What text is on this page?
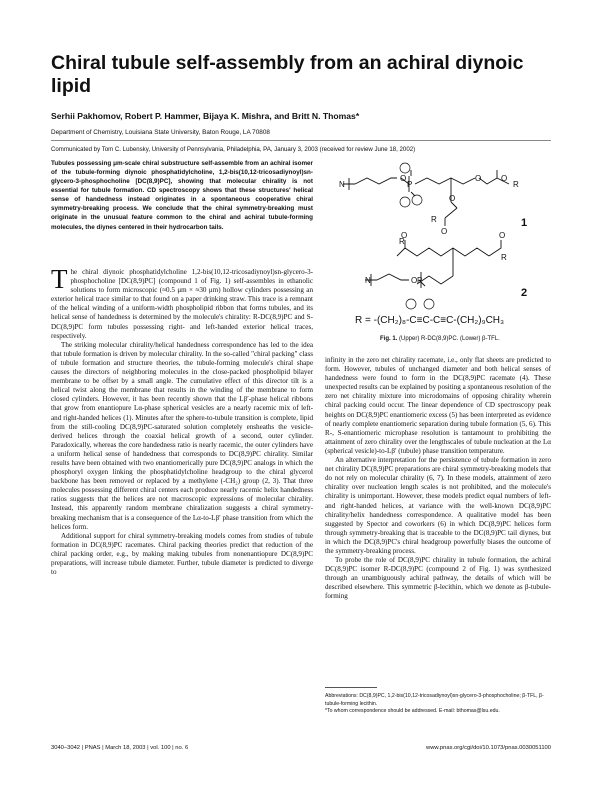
Chiral tubule self-assembly from an achiral diynoic lipid
Serhii Pakhomov, Robert P. Hammer, Bijaya K. Mishra, and Britt N. Thomas*
Department of Chemistry, Louisiana State University, Baton Rouge, LA 70808
Communicated by Tom C. Lubensky, University of Pennsylvania, Philadelphia, PA, January 3, 2003 (received for review June 18, 2002)
Tubules possessing μm-scale chiral substructure self-assemble from an achiral isomer of the tubule-forming diynoic phosphatidylcholine, 1,2-bis(10,12-tricosadiynoyl)sn-glycero-3-phosphocholine [DC(8,9)PC], showing that molecular chirality is not essential for tubule formation. CD spectroscopy shows that these structures' helical sense of handedness instead originates in a spontaneous cooperative chiral symmetry-breaking process. We conclude that the chiral symmetry-breaking must originate in the unusual feature common to the chiral and achiral tubule-forming molecules, the diynes centered in their hydrocarbon tails.
N
O
P
O O
R
O
O
R
O	O
R
R
N	O P
1
2
R = -(CH₂)₈-C≡C-C≡C-(CH₂)₉CH₃
Fig. 1. (Upper) R-DC(8,9)PC. (Lower) β-TFL.

The chiral diynoic phosphatidylcholine 1,2-bis(10,12-tricosadiynoyl)sn-glycero-3-phosphocholine [DC(8,9)PC] (compound 1 of Fig. 1) self-assembles in ethanolic solutions to form microscopic (≈0.5 μm × ≈30 μm) hollow cylinders possessing an exterior helical trace similar to that found on a paper drinking straw. This trace is a remnant of the helical winding of a uniform-width phospholipid ribbon that forms tubules, and its helical sense of handedness is determined by the molecule's chirality: R-DC(8,9)PC and S-DC(8,9)PC form tubules possessing right- and left-handed exterior helical traces, respectively.

The striking molecular chirality/helical handedness correspondence has led to the idea that tubule formation is driven by molecular chirality. In the so-called "chiral packing" class of tubule formation and structure theories, the tubule-forming molecule's chiral shape causes the directors of neighboring molecules in the close-packed phospholipid bilayer membrane to be offset by a small angle. The cumulative effect of this director tilt is a helical twist along the membrane that results in the winding of the membrane to form closed cylinders. However, it has been recently shown that the Lβ′-phase helical ribbons that grow from enantiopure Lα-phase spherical vesicles are a nearly racemic mix of left- and right-handed helices (1). Minutes after the sphere-to-tubule transition is complete, lipid from the still-cooling DC(8,9)PC-saturated solution completely ensheaths the vesicle-derived helices through the coaxial helical growth of a second, outer cylinder. Paradoxically, whereas the core handedness ratio is nearly racemic, the outer cylinders have a uniform helical sense of handedness that corresponds to DC(8,9)PC chirality. Similar results have been obtained with two enantiomerically pure DC(8,9)PC analogs in which the phosphoryl oxygen linking the phosphatidylcholine headgroup to the chiral glycerol backbone has been removed or replaced by a methylene (-CH₂) group (2, 3). That three molecules possessing different chiral centers each produce nearly racemic helix handedness ratios suggests that the helices are not macroscopic expressions of molecular chirality. Instead, this apparently random membrane chiralization suggests a chiral symmetry-breaking mechanism that is a consequence of the Lα-to-Lβ′ phase transition from which the helices form.

Additional support for chiral symmetry-breaking models comes from studies of tubule formation in DC(8,9)PC racemates. Chiral packing theories predict that reduction of the chiral packing order, e.g., by making making tubules from nonenantiopure DC(8,9)PC preparations, will increase tubule diameter. Further, tubule diameter is predicted to diverge to

infinity in the zero net chirality racemate, i.e., only flat sheets are predicted to form. However, tubules of unchanged diameter and both helical senses of handedness were found to form in the DC(8,9)PC racemate (4). These unexpected results can be explained by positing a spontaneous resolution of the zero net chirality mixture into microdomains of opposing chirality wherein chiral packing could occur. The linear dependence of CD spectroscopy peak heights on DC(8,9)PC enantiomeric excess (5) has been interpreted as evidence of nearly complete enantiomeric separation during tubule formation (5, 6). This R-, S-enantiomeric microphase resolution is tantamount to prohibiting the attainment of zero chirality over the lengthscales of tubule nucleation at the Lα (spherical vesicle)-to-Lβ′ (tubule) phase transition temperature.

An alternative interpretation for the persistence of tubule formation in zero net chirality DC(8,9)PC preparations are chiral symmetry-breaking models that do not rely on molecular chirality (6, 7). In these models, attainment of zero chirality over nucleation length scales is not prohibited, and the molecule's chirality is unimportant. However, these models predict equal numbers of left- and right-handed helices, at variance with the well-known DC(8,9)PC chirality/helix handedness correspondence. A qualitative model has been suggested by Spector and coworkers (6) in which DC(8,9)PC helices form through symmetry-breaking that is traceable to the DC(8,9)PC tail diynes, but in which the DC(8,9)PC's chiral headgroup powerfully biases the outcome of the symmetry-breaking process.

To probe the role of DC(8,9)PC chirality in tubule formation, the achiral DC(8,9)PC isomer R-DC(8,9)PC (compound 2 of Fig. 1) was synthesized through an unambiguously achiral pathway, the details of which will be described elsewhere. This symmetric β-lecithin, which we denote as β-tubule-forming

Abbreviations: DC(8,9)PC, 1,2-bis(10,12-tricosadiynoyl)sn-glycero-3-phosphocholine; β-TFL, β-tubule-forming lecithin.
*To whom correspondence should be addressed. E-mail: bthomas@lsu.edu.
3040–3042 | PNAS | March 18, 2003 | vol. 100 | no. 6	www.pnas.org/cgi/doi/10.1073/pnas.0030051100
